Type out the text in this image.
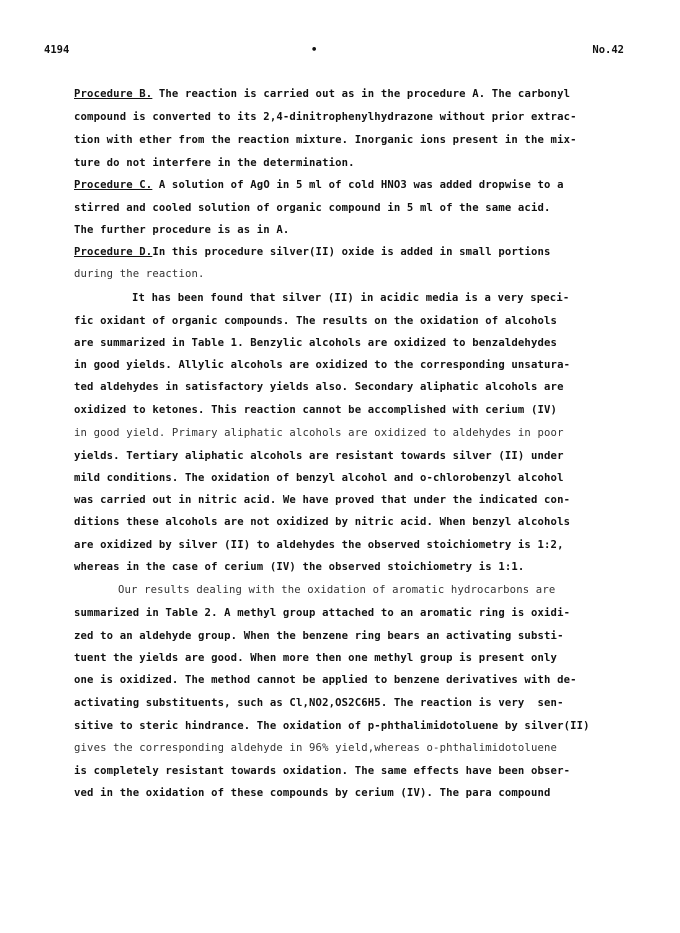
4194	•	No.42
Procedure B. The reaction is carried out as in the procedure A. The carbonyl
compound is converted to its 2,4-dinitrophenylhydrazone without prior extrac-
tion with ether from the reaction mixture. Inorganic ions present in the mix-
ture do not interfere in the determination.
Procedure C. A solution of AgO in 5 ml of cold HNO3 was added dropwise to a
stirred and cooled solution of organic compound in 5 ml of the same acid.
The further procedure is as in A.
Procedure D.In this procedure silver(II) oxide is added in small portions
during the reaction.
It has been found that silver (II) in acidic media is a very speci-
fic oxidant of organic compounds. The results on the oxidation of alcohols
are summarized in Table 1. Benzylic alcohols are oxidized to benzaldehydes
in good yields. Allylic alcohols are oxidized to the corresponding unsatura-
ted aldehydes in satisfactory yields also. Secondary aliphatic alcohols are
oxidized to ketones. This reaction cannot be accomplished with cerium (IV)
in good yield. Primary aliphatic alcohols are oxidized to aldehydes in poor
yields. Tertiary aliphatic alcohols are resistant towards silver (II) under
mild conditions. The oxidation of benzyl alcohol and o-chlorobenzyl alcohol
was carried out in nitric acid. We have proved that under the indicated con-
ditions these alcohols are not oxidized by nitric acid. When benzyl alcohols
are oxidized by silver (II) to aldehydes the observed stoichiometry is 1:2,
whereas in the case of cerium (IV) the observed stoichiometry is 1:1.
Our results dealing with the oxidation of aromatic hydrocarbons are
summarized in Table 2. A methyl group attached to an aromatic ring is oxidi-
zed to an aldehyde group. When the benzene ring bears an activating substi-
tuent the yields are good. When more then one methyl group is present only
one is oxidized. The method cannot be applied to benzene derivatives with de-
activating substituents, such as Cl,NO2,OS2C6H5. The reaction is very  sen-
sitive to steric hindrance. The oxidation of p-phthalimidotoluene by silver(II)
gives the corresponding aldehyde in 96% yield,whereas o-phthalimidotoluene
is completely resistant towards oxidation. The same effects have been obser-
ved in the oxidation of these compounds by cerium (IV). The para compound
